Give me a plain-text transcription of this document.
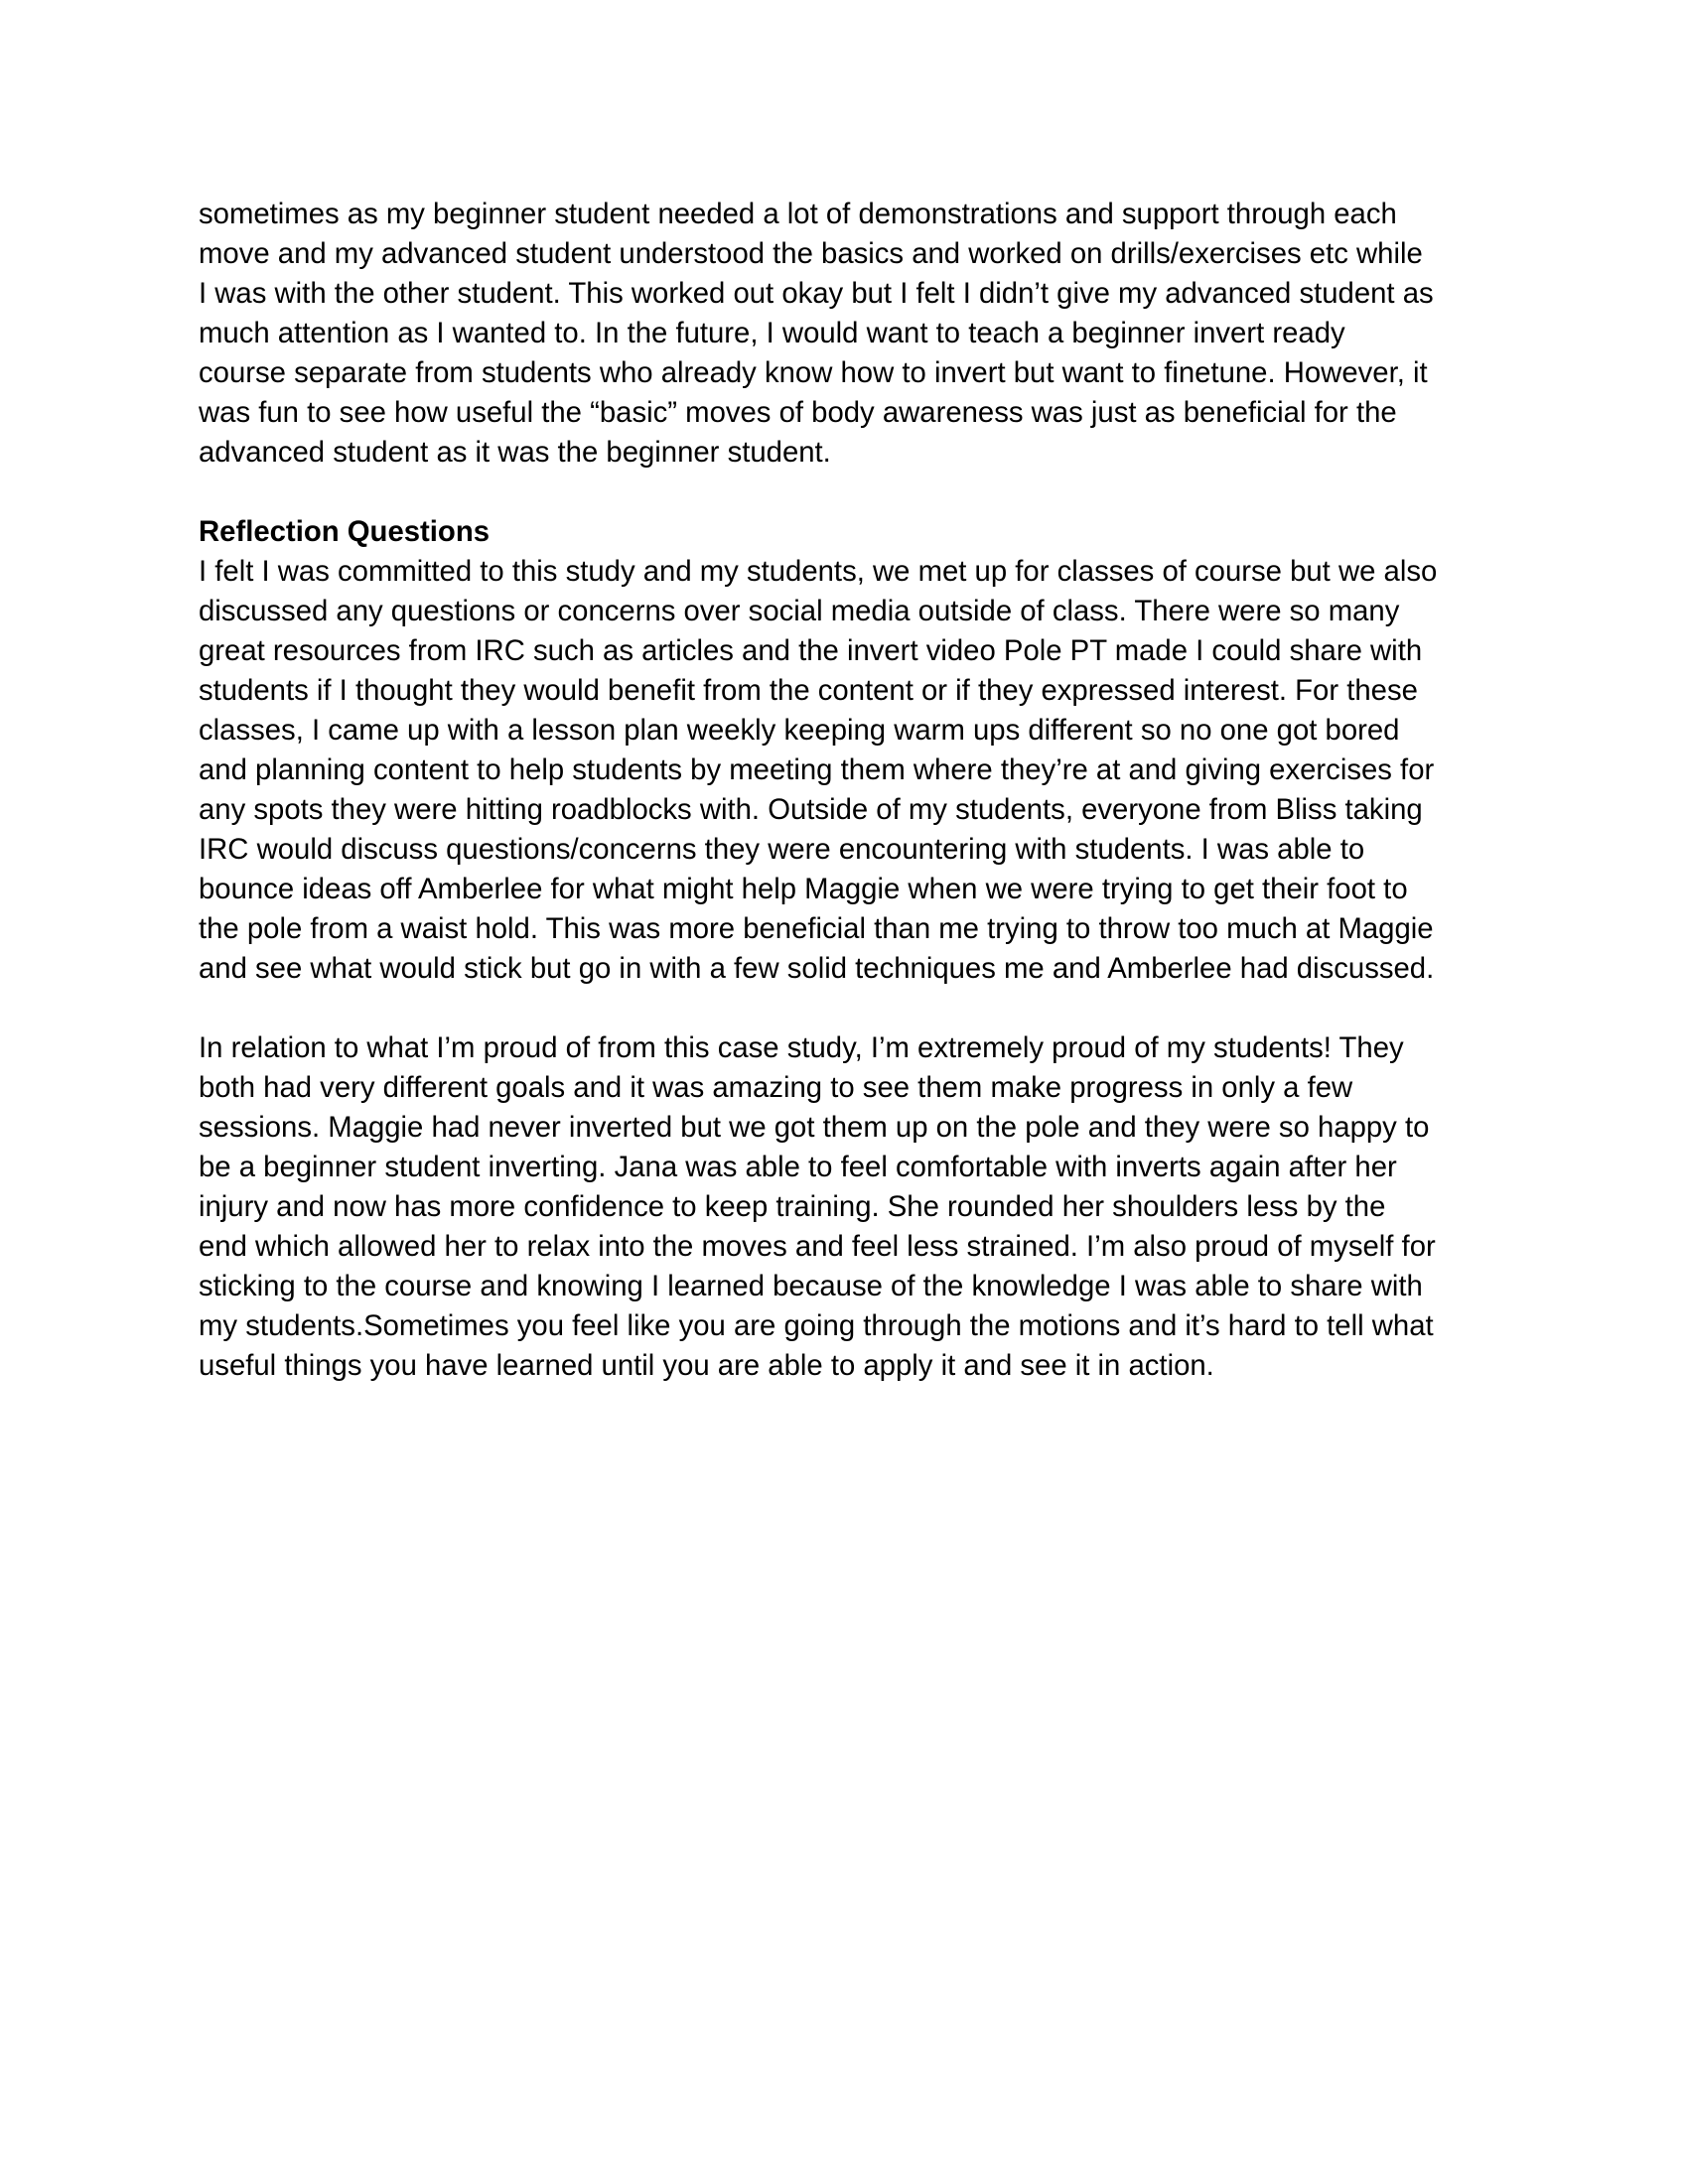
sometimes as my beginner student needed a lot of demonstrations and support through each
move and my advanced student understood the basics and worked on drills/exercises etc while
I was with the other student. This worked out okay but I felt I didn’t give my advanced student as
much attention as I wanted to. In the future, I would want to teach a beginner invert ready
course separate from students who already know how to invert but want to finetune. However, it
was fun to see how useful the “basic” moves of body awareness was just as beneficial for the
advanced student as it was the beginner student.

Reflection Questions

I felt I was committed to this study and my students, we met up for classes of course but we also
discussed any questions or concerns over social media outside of class. There were so many
great resources from IRC such as articles and the invert video Pole PT made I could share with
students if I thought they would benefit from the content or if they expressed interest. For these
classes, I came up with a lesson plan weekly keeping warm ups different so no one got bored
and planning content to help students by meeting them where they’re at and giving exercises for
any spots they were hitting roadblocks with. Outside of my students, everyone from Bliss taking
IRC would discuss questions/concerns they were encountering with students. I was able to
bounce ideas off Amberlee for what might help Maggie when we were trying to get their foot to
the pole from a waist hold. This was more beneficial than me trying to throw too much at Maggie
and see what would stick but go in with a few solid techniques me and Amberlee had discussed.

In relation to what I’m proud of from this case study, I’m extremely proud of my students! They
both had very different goals and it was amazing to see them make progress in only a few
sessions. Maggie had never inverted but we got them up on the pole and they were so happy to
be a beginner student inverting. Jana was able to feel comfortable with inverts again after her
injury and now has more confidence to keep training. She rounded her shoulders less by the
end which allowed her to relax into the moves and feel less strained. I’m also proud of myself for
sticking to the course and knowing I learned because of the knowledge I was able to share with
my students.Sometimes you feel like you are going through the motions and it’s hard to tell what
useful things you have learned until you are able to apply it and see it in action.
